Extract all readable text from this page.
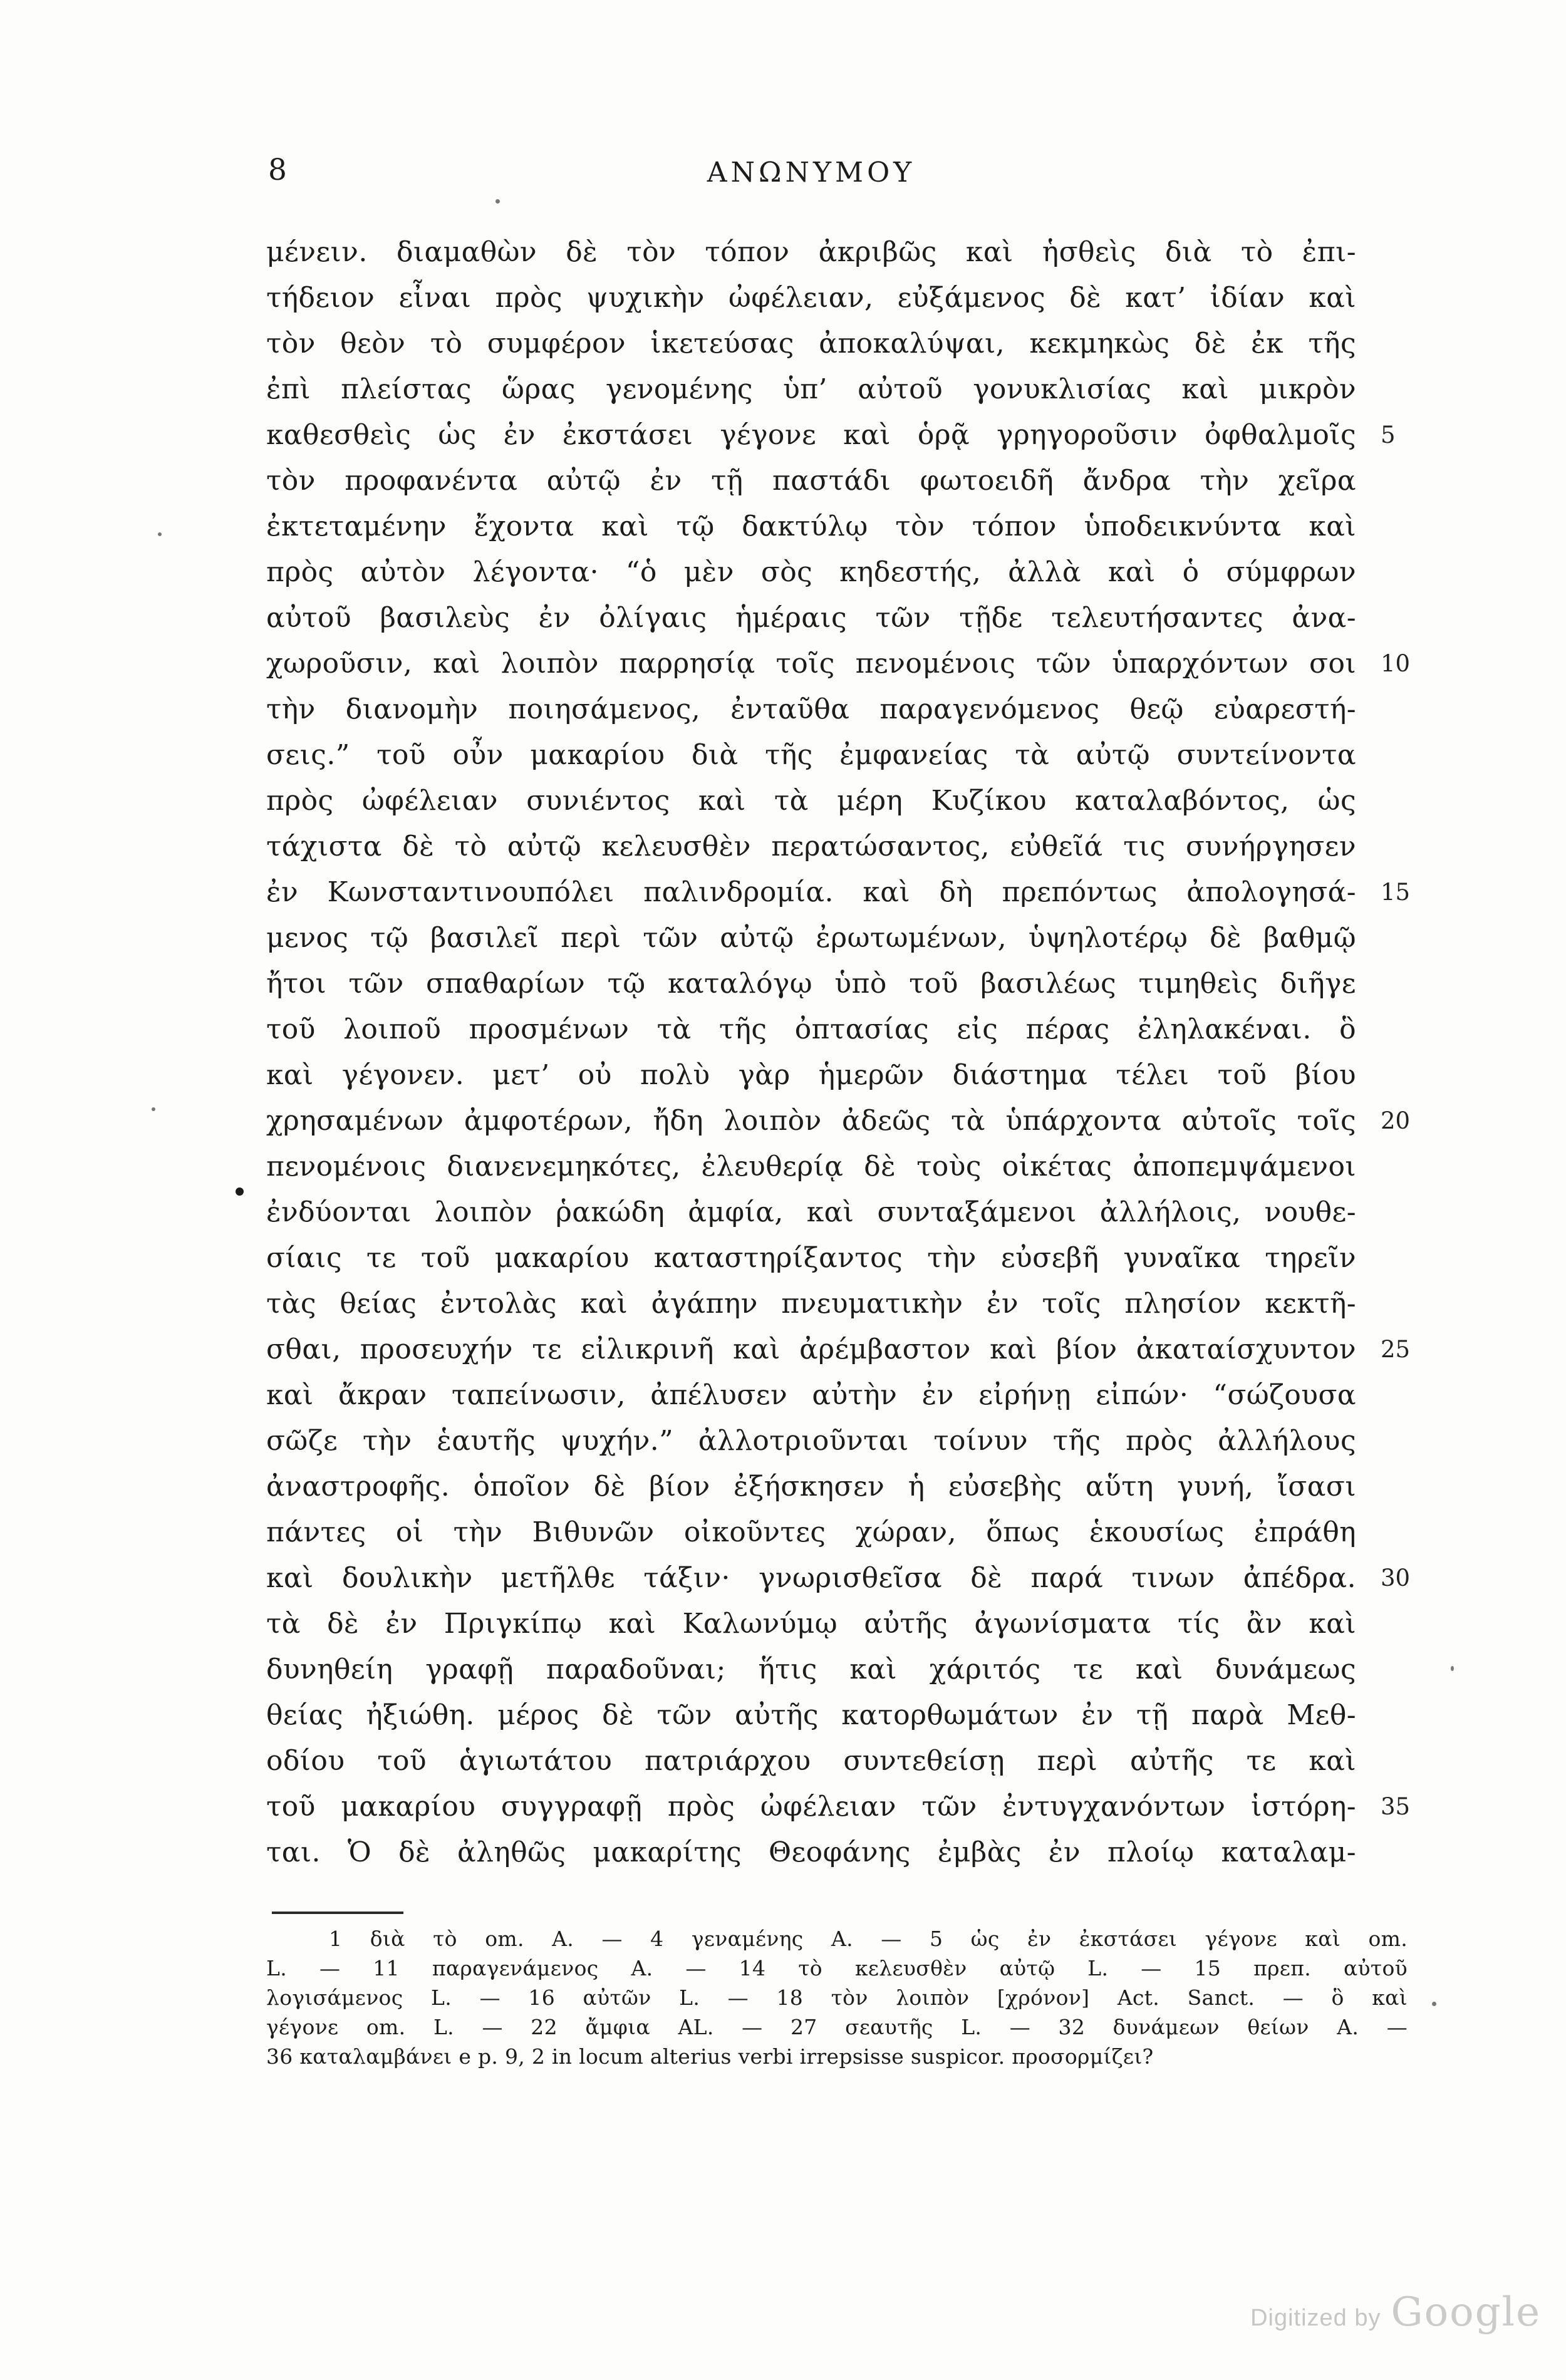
8	ΑΝΩΝΥΜΟΥ
μένειν. διαμαθὼν δὲ τὸν τόπον ἀκριβῶς καὶ ἡσθεὶς διὰ τὸ ἐπι-
τήδειον εἶναι πρὸς ψυχικὴν ὠφέλειαν, εὐξάμενος δὲ κατ’ ἰδίαν καὶ
τὸν θεὸν τὸ συμφέρον ἱκετεύσας ἀποκαλύψαι, κεκμηκὼς δὲ ἐκ τῆς
ἐπὶ πλείστας ὥρας γενομένης ὑπ’ αὐτοῦ γονυκλισίας καὶ μικρὸν
καθεσθεὶς ὡς ἐν ἐκστάσει γέγονε καὶ ὁρᾷ γρηγοροῦσιν ὀφθαλμοῖς
τὸν προφανέντα αὐτῷ ἐν τῇ παστάδι φωτοειδῆ ἄνδρα τὴν χεῖρα
ἐκτεταμένην ἔχοντα καὶ τῷ δακτύλῳ τὸν τόπον ὑποδεικνύντα καὶ
πρὸς αὐτὸν λέγοντα· “ὁ μὲν σὸς κηδεστής, ἀλλὰ καὶ ὁ σύμφρων
αὐτοῦ βασιλεὺς ἐν ὀλίγαις ἡμέραις τῶν τῇδε τελευτήσαντες ἀνα-
χωροῦσιν, καὶ λοιπὸν παρρησίᾳ τοῖς πενομένοις τῶν ὑπαρχόντων σοι
τὴν διανομὴν ποιησάμενος, ἐνταῦθα παραγενόμενος θεῷ εὐαρεστή-
σεις.” τοῦ οὖν μακαρίου διὰ τῆς ἐμφανείας τὰ αὐτῷ συντείνοντα
πρὸς ὠφέλειαν συνιέντος καὶ τὰ μέρη Κυζίκου καταλαβόντος, ὡς
τάχιστα δὲ τὸ αὐτῷ κελευσθὲν περατώσαντος, εὐθεῖά τις συνήργησεν
ἐν Κωνσταντινουπόλει παλινδρομία. καὶ δὴ πρεπόντως ἀπολογησά-
μενος τῷ βασιλεῖ περὶ τῶν αὐτῷ ἐρωτωμένων, ὑψηλοτέρῳ δὲ βαθμῷ
ἤτοι τῶν σπαθαρίων τῷ καταλόγῳ ὑπὸ τοῦ βασιλέως τιμηθεὶς διῆγε
τοῦ λοιποῦ προσμένων τὰ τῆς ὀπτασίας εἰς πέρας ἐληλακέναι. ὃ
καὶ γέγονεν. μετ’ οὐ πολὺ γὰρ ἡμερῶν διάστημα τέλει τοῦ βίου
χρησαμένων ἀμφοτέρων, ἤδη λοιπὸν ἀδεῶς τὰ ὑπάρχοντα αὐτοῖς τοῖς
πενομένοις διανενεμηκότες, ἐλευθερίᾳ δὲ τοὺς οἰκέτας ἀποπεμψάμενοι
ἐνδύονται λοιπὸν ῥακώδη ἀμφία, καὶ συνταξάμενοι ἀλλήλοις, νουθε-
σίαις τε τοῦ μακαρίου καταστηρίξαντος τὴν εὐσεβῆ γυναῖκα τηρεῖν
τὰς θείας ἐντολὰς καὶ ἀγάπην πνευματικὴν ἐν τοῖς πλησίον κεκτῆ-
σθαι, προσευχήν τε εἰλικρινῆ καὶ ἀρέμβαστον καὶ βίον ἀκαταίσχυντον
καὶ ἄκραν ταπείνωσιν, ἀπέλυσεν αὐτὴν ἐν εἰρήνῃ εἰπών· “σώζουσα
σῶζε τὴν ἑαυτῆς ψυχήν.” ἀλλοτριοῦνται τοίνυν τῆς πρὸς ἀλλήλους
ἀναστροφῆς. ὁποῖον δὲ βίον ἐξήσκησεν ἡ εὐσεβὴς αὕτη γυνή, ἴσασι
πάντες οἱ τὴν Βιθυνῶν οἰκοῦντες χώραν, ὅπως ἑκουσίως ἐπράθη
καὶ δουλικὴν μετῆλθε τάξιν· γνωρισθεῖσα δὲ παρά τινων ἀπέδρα.
τὰ δὲ ἐν Πριγκίπῳ καὶ Καλωνύμῳ αὐτῆς ἀγωνίσματα τίς ἂν καὶ
δυνηθείη γραφῇ παραδοῦναι; ἥτις καὶ χάριτός τε καὶ δυνάμεως
θείας ἠξιώθη. μέρος δὲ τῶν αὐτῆς κατορθωμάτων ἐν τῇ παρὰ Μεθ-
οδίου τοῦ ἁγιωτάτου πατριάρχου συντεθείσῃ περὶ αὐτῆς τε καὶ
τοῦ μακαρίου συγγραφῇ πρὸς ὠφέλειαν τῶν ἐντυγχανόντων ἱστόρη-
ται. Ὁ δὲ ἀληθῶς μακαρίτης Θεοφάνης ἐμβὰς ἐν πλοίῳ καταλαμ-
5
10
15
20
25
30
35
1 διὰ τὸ om. A. — 4 γεναμένης A. — 5 ὡς ἐν ἐκστάσει γέγονε καὶ om.
L. — 11 παραγενάμενος A. — 14 τὸ κελευσθὲν αὐτῷ L. — 15 πρεπ. αὐτοῦ
λογισάμενος L. — 16 αὐτῶν L. — 18 τὸν λοιπὸν [χρόνον] Act. Sanct. — ὃ καὶ
γέγονε om. L. — 22 ἄμφια AL. — 27 σεαυτῆς L. — 32 δυνάμεων θείων A. —
36 καταλαμβάνει e p. 9, 2 in locum alterius verbi irrepsisse suspicor. προσορμίζει?
Digitized by Google
